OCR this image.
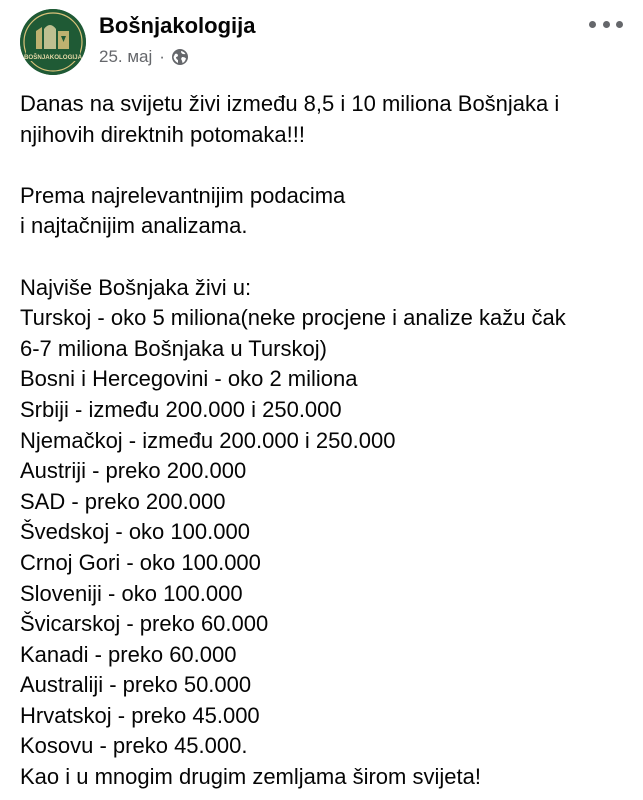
BOŠNJAKOLOGIJA
Bošnjakologija
25. мај ·
Danas na svijetu živi između 8,5 i 10 miliona Bošnjaka i
njihovih direktnih potomaka!!!
Prema najrelevantnijim podacima
i najtačnijim analizama.
Najviše Bošnjaka živi u:
Turskoj - oko 5 miliona(neke procjene i analize kažu čak
6-7 miliona Bošnjaka u Turskoj)
Bosni i Hercegovini - oko 2 miliona
Srbiji - između 200.000 i 250.000
Njemačkoj - između 200.000 i 250.000
Austriji - preko 200.000
SAD - preko 200.000
Švedskoj - oko 100.000
Crnoj Gori - oko 100.000
Sloveniji - oko 100.000
Švicarskoj - preko 60.000
Kanadi - preko 60.000
Australiji - preko 50.000
Hrvatskoj - preko 45.000
Kosovu - preko 45.000.
Kao i u mnogim drugim zemljama širom svijeta!
